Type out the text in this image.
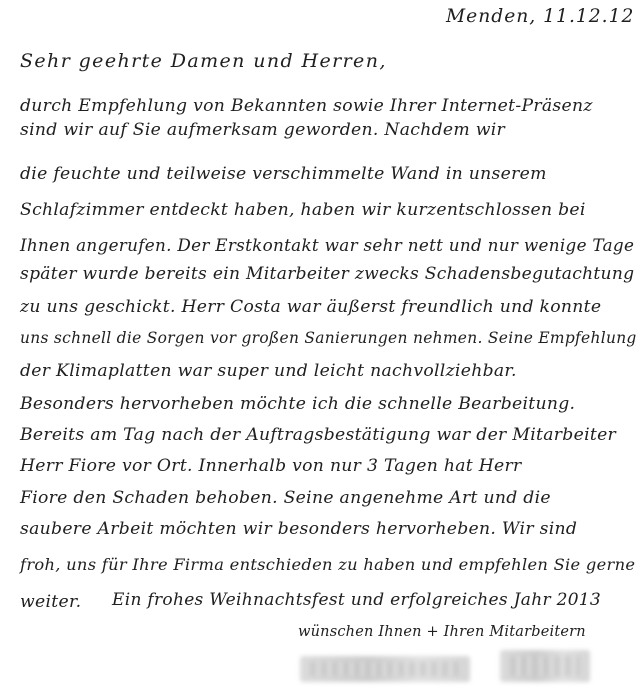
Menden, 11.12.12
Sehr geehrte Damen und Herren,
durch Empfehlung von Bekannten sowie Ihrer Internet-Präsenz
sind wir auf Sie aufmerksam geworden. Nachdem wir
die feuchte und teilweise verschimmelte Wand in unserem
Schlafzimmer entdeckt haben, haben wir kurzentschlossen bei
Ihnen angerufen. Der Erstkontakt war sehr nett und nur wenige Tage
später wurde bereits ein Mitarbeiter zwecks Schadensbegutachtung
zu uns geschickt. Herr Costa war äußerst freundlich und konnte
uns schnell die Sorgen vor großen Sanierungen nehmen. Seine Empfehlung
der Klimaplatten war super und leicht nachvollziehbar.
Besonders hervorheben möchte ich die schnelle Bearbeitung.
Bereits am Tag nach der Auftragsbestätigung war der Mitarbeiter
Herr Fiore vor Ort. Innerhalb von nur 3 Tagen hat Herr
Fiore den Schaden behoben. Seine angenehme Art und die
saubere Arbeit möchten wir besonders hervorheben. Wir sind
froh, uns für Ihre Firma entschieden zu haben und empfehlen Sie gerne
weiter. Ein frohes Weihnachtsfest und erfolgreiches Jahr 2013
wünschen Ihnen + Ihren Mitarbeitern
